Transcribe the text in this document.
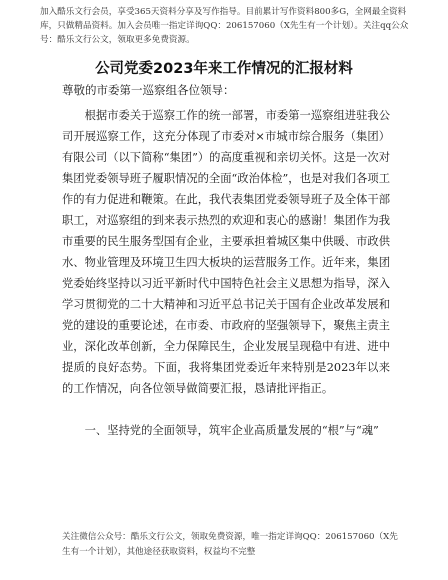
加入酷乐文行会员，享受365天资料分享及写作指导。目前累计写作资料800多G，全网最全资料库，只做精品资料。加入会员唯一指定详询QQ：206157060（X先生有一个计划）。关注qq公众号：酷乐文行公文，领取更多免费资源。
公司党委2023年来工作情况的汇报材料
尊敬的市委第一巡察组各位领导：

根据市委关于巡察工作的统一部署，市委第一巡察组进驻我公司开展巡察工作，这充分体现了市委对×市城市综合服务（集团）有限公司（以下简称“集团”）的高度重视和亲切关怀。这是一次对集团党委领导班子履职情况的全面“政治体检”，也是对我们各项工作的有力促进和鞭策。在此，我代表集团党委领导班子及全体干部职工，对巡察组的到来表示热烈的欢迎和衷心的感谢！集团作为我市重要的民生服务型国有企业，主要承担着城区集中供暖、市政供水、物业管理及环境卫生四大板块的运营服务工作。近年来，集团党委始终坚持以习近平新时代中国特色社会主义思想为指导，深入学习贯彻党的二十大精神和习近平总书记关于国有企业改革发展和党的建设的重要论述，在市委、市政府的坚强领导下，聚焦主责主业，深化改革创新，全力保障民生，企业发展呈现稳中有进、进中提质的良好态势。下面，我将集团党委近年来特别是2023年以来的工作情况，向各位领导做简要汇报，恳请批评指正。

一、坚持党的全面领导，筑牢企业高质量发展的“根”与“魂”

关注微信公众号：酷乐文行公文，领取免费资源，唯一指定详询QQ：206157060（X先生有一个计划），其他途径获取资料，权益均不完整
